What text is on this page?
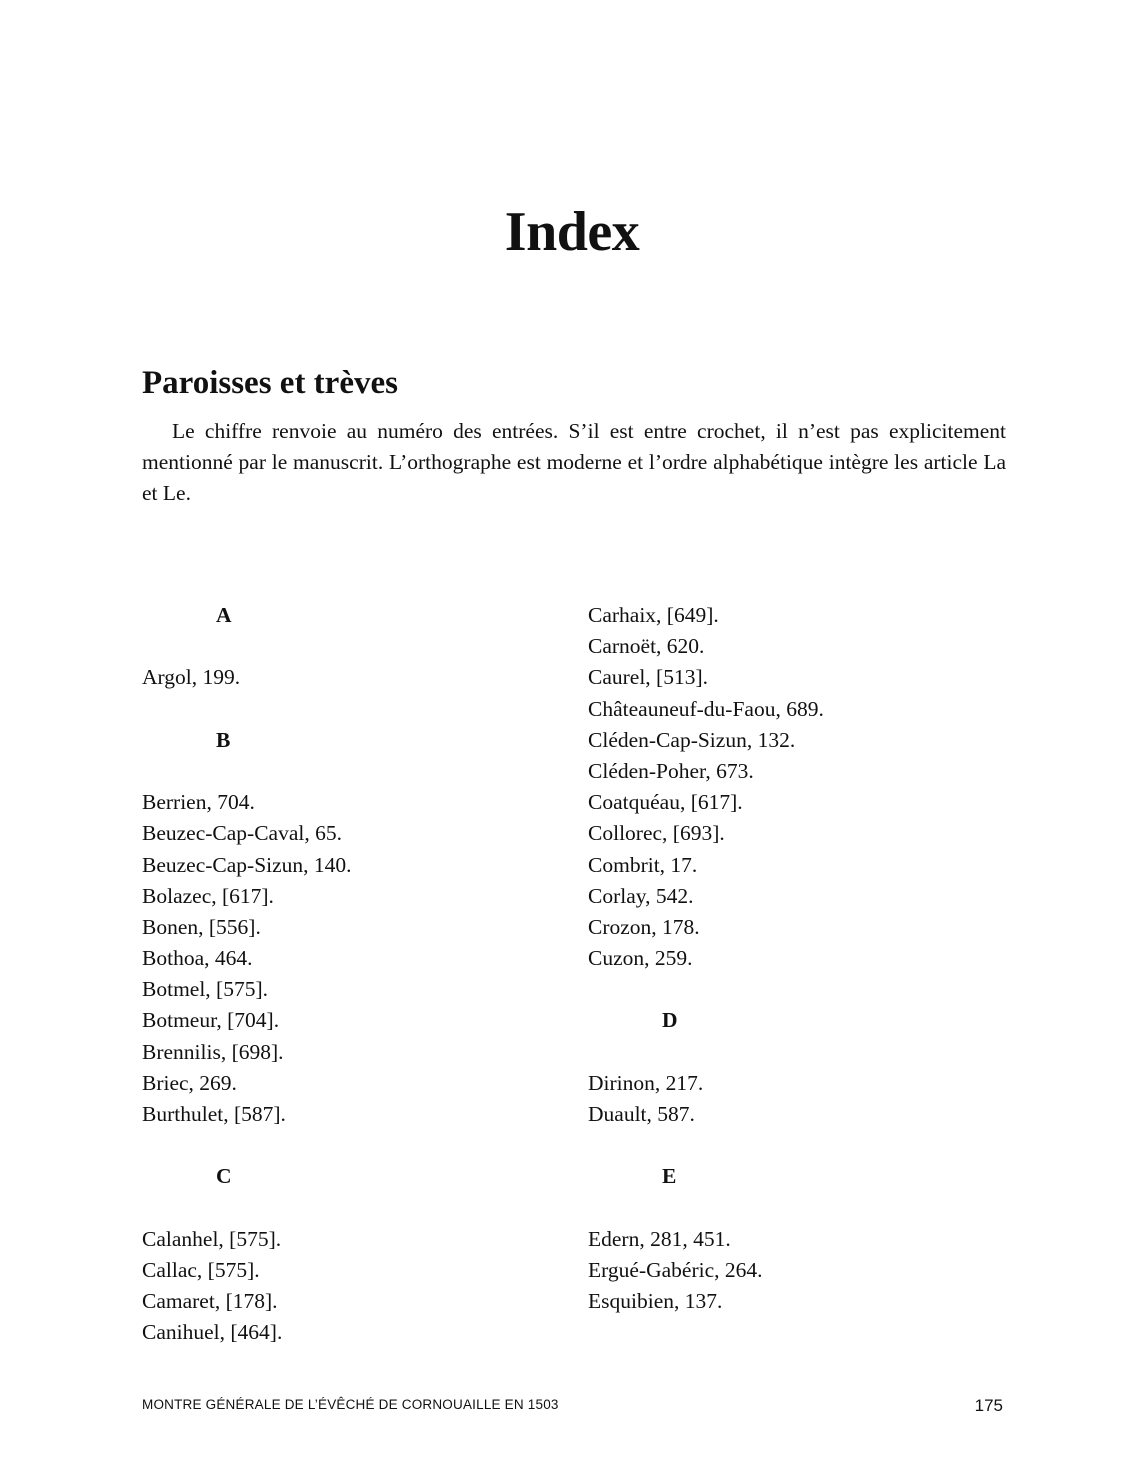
Index
Paroisses et trèves

Le chiffre renvoie au numéro des entrées. S’il est entre crochet, il n’est pas explicitement mentionné par le manuscrit. L’orthographe est moderne et l’ordre alphabétique intègre les article La et Le.

A
Argol, 199.
B
Berrien, 704.
Beuzec-Cap-Caval, 65.
Beuzec-Cap-Sizun, 140.
Bolazec, [617].
Bonen, [556].
Bothoa, 464.
Botmel, [575].
Botmeur, [704].
Brennilis, [698].
Briec, 269.
Burthulet, [587].
C
Calanhel, [575].
Callac, [575].
Camaret, [178].
Canihuel, [464].
Carhaix, [649].
Carnoët, 620.
Caurel, [513].
Châteauneuf-du-Faou, 689.
Cléden-Cap-Sizun, 132.
Cléden-Poher, 673.
Coatquéau, [617].
Collorec, [693].
Combrit, 17.
Corlay, 542.
Crozon, 178.
Cuzon, 259.
D
Dirinon, 217.
Duault, 587.
E
Edern, 281, 451.
Ergué-Gabéric, 264.
Esquibien, 137.
MONTRE GÉNÉRALE DE L’ÉVÊCHÉ DE CORNOUAILLE EN 1503	175
